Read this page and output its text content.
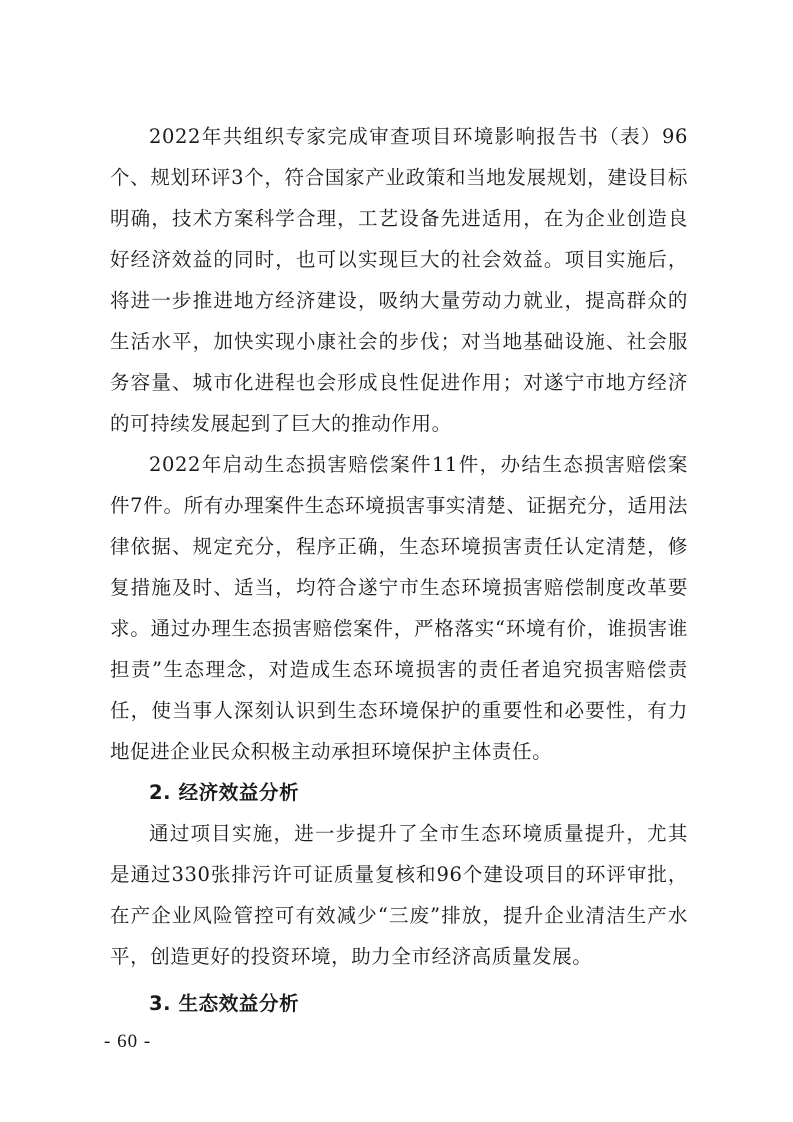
2022年共组织专家完成审查项目环境影响报告书（表）96个、规划环评3个，符合国家产业政策和当地发展规划，建设目标明确，技术方案科学合理，工艺设备先进适用，在为企业创造良好经济效益的同时，也可以实现巨大的社会效益。项目实施后，将进一步推进地方经济建设，吸纳大量劳动力就业，提高群众的生活水平，加快实现小康社会的步伐；对当地基础设施、社会服务容量、城市化进程也会形成良性促进作用；对遂宁市地方经济的可持续发展起到了巨大的推动作用。

2022年启动生态损害赔偿案件11件，办结生态损害赔偿案件7件。所有办理案件生态环境损害事实清楚、证据充分，适用法律依据、规定充分，程序正确，生态环境损害责任认定清楚，修复措施及时、适当，均符合遂宁市生态环境损害赔偿制度改革要求。通过办理生态损害赔偿案件，严格落实“环境有价，谁损害谁担责”生态理念，对造成生态环境损害的责任者追究损害赔偿责任，使当事人深刻认识到生态环境保护的重要性和必要性，有力地促进企业民众积极主动承担环境保护主体责任。

2. 经济效益分析

通过项目实施，进一步提升了全市生态环境质量提升，尤其是通过330张排污许可证质量复核和96个建设项目的环评审批，在产企业风险管控可有效减少“三废”排放，提升企业清洁生产水平，创造更好的投资环境，助力全市经济高质量发展。

3. 生态效益分析

- 60 -
